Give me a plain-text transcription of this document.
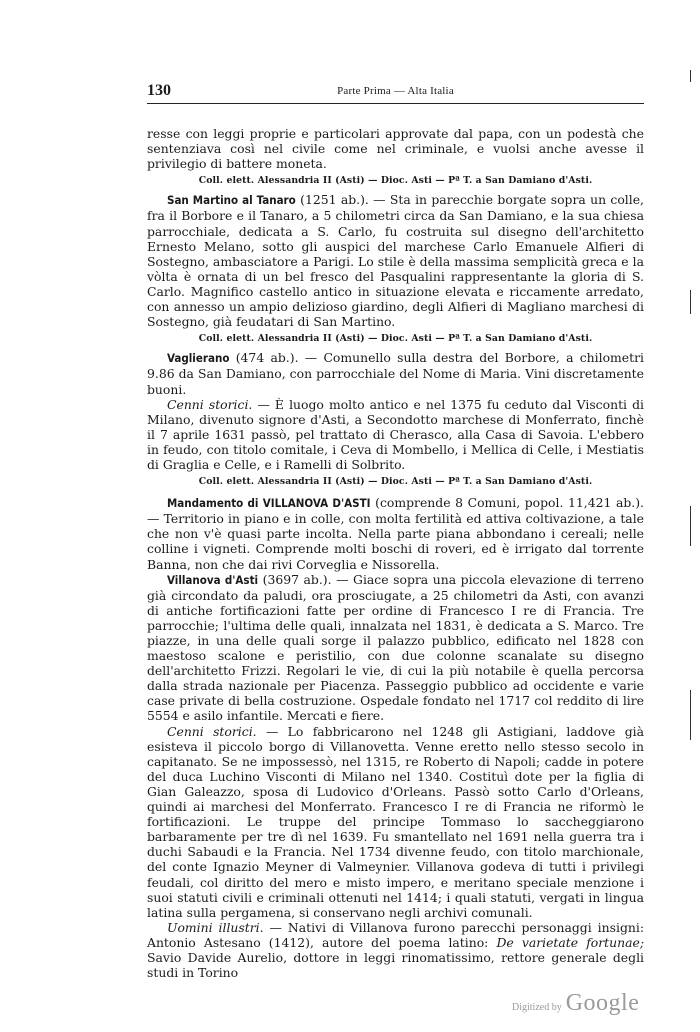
130	Parte Prima — Alta Italia

resse con leggi proprie e particolari approvate dal papa, con un podestà che sentenziava così nel civile come nel criminale, e vuolsi anche avesse il privilegio di battere moneta.

Coll. elett. Alessandria II (Asti) — Dioc. Asti — Pª T. a San Damiano d'Asti.

San Martino al Tanaro (1251 ab.). — Sta in parecchie borgate sopra un colle, fra il Borbore e il Tanaro, a 5 chilometri circa da San Damiano, e la sua chiesa parrocchiale, dedicata a S. Carlo, fu costruita sul disegno dell'architetto Ernesto Melano, sotto gli auspici del marchese Carlo Emanuele Alfieri di Sostegno, ambasciatore a Parigi. Lo stile è della massima semplicità greca e la vòlta è ornata di un bel fresco del Pasqualini rappresentante la gloria di S. Carlo. Magnifico castello antico in situazione elevata e riccamente arredato, con annesso un ampio delizioso giardino, degli Alfieri di Magliano marchesi di Sostegno, già feudatari di San Martino.

Coll. elett. Alessandria II (Asti) — Dioc. Asti — Pª T. a San Damiano d'Asti.

Vaglierano (474 ab.). — Comunello sulla destra del Borbore, a chilometri 9.86 da San Damiano, con parrocchiale del Nome di Maria. Vini discretamente buoni.

Cenni storici. — È luogo molto antico e nel 1375 fu ceduto dal Visconti di Milano, divenuto signore d'Asti, a Secondotto marchese di Monferrato, finchè il 7 aprile 1631 passò, pel trattato di Cherasco, alla Casa di Savoia. L'ebbero in feudo, con titolo comitale, i Ceva di Mombello, i Mellica di Celle, i Mestiatis di Graglia e Celle, e i Ramelli di Solbrito.

Coll. elett. Alessandria II (Asti) — Dioc. Asti — Pª T. a San Damiano d'Asti.

Mandamento di VILLANOVA D'ASTI (comprende 8 Comuni, popol. 11,421 ab.). — Territorio in piano e in colle, con molta fertilità ed attiva coltivazione, a tale che non v'è quasi parte incolta. Nella parte piana abbondano i cereali; nelle colline i vigneti. Comprende molti boschi di roveri, ed è irrigato dal torrente Banna, non che dai rivi Corveglia e Nissorella.

Villanova d'Asti (3697 ab.). — Giace sopra una piccola elevazione di terreno già circondato da paludi, ora prosciugate, a 25 chilometri da Asti, con avanzi di antiche fortificazioni fatte per ordine di Francesco I re di Francia. Tre parrocchie; l'ultima delle quali, innalzata nel 1831, è dedicata a S. Marco. Tre piazze, in una delle quali sorge il palazzo pubblico, edificato nel 1828 con maestoso scalone e peristilio, con due colonne scanalate su disegno dell'architetto Frizzi. Regolari le vie, di cui la più notabile è quella percorsa dalla strada nazionale per Piacenza. Passeggio pubblico ad occidente e varie case private di bella costruzione. Ospedale fondato nel 1717 col reddito di lire 5554 e asilo infantile. Mercati e fiere.

Cenni storici. — Lo fabbricarono nel 1248 gli Astigiani, laddove già esisteva il piccolo borgo di Villanovetta. Venne eretto nello stesso secolo in capitanato. Se ne impossessò, nel 1315, re Roberto di Napoli; cadde in potere del duca Luchino Visconti di Milano nel 1340. Costituì dote per la figlia di Gian Galeazzo, sposa di Ludovico d'Orleans. Passò sotto Carlo d'Orleans, quindi ai marchesi del Monferrato. Francesco I re di Francia ne riformò le fortificazioni. Le truppe del principe Tommaso lo saccheggiarono barbaramente per tre dì nel 1639. Fu smantellato nel 1691 nella guerra tra i duchi Sabaudi e la Francia. Nel 1734 divenne feudo, con titolo marchionale, del conte Ignazio Meyner di Valmeynier. Villanova godeva di tutti i privilegi feudali, col diritto del mero e misto impero, e meritano speciale menzione i suoi statuti civili e criminali ottenuti nel 1414; i quali statuti, vergati in lingua latina sulla pergamena, si conservano negli archivi comunali.

Uomini illustri. — Nativi di Villanova furono parecchi personaggi insigni: Antonio Astesano (1412), autore del poema latino: De varietate fortunae; Savio Davide Aurelio, dottore in leggi rinomatissimo, rettore generale degli studi in Torino

Digitized by Google
